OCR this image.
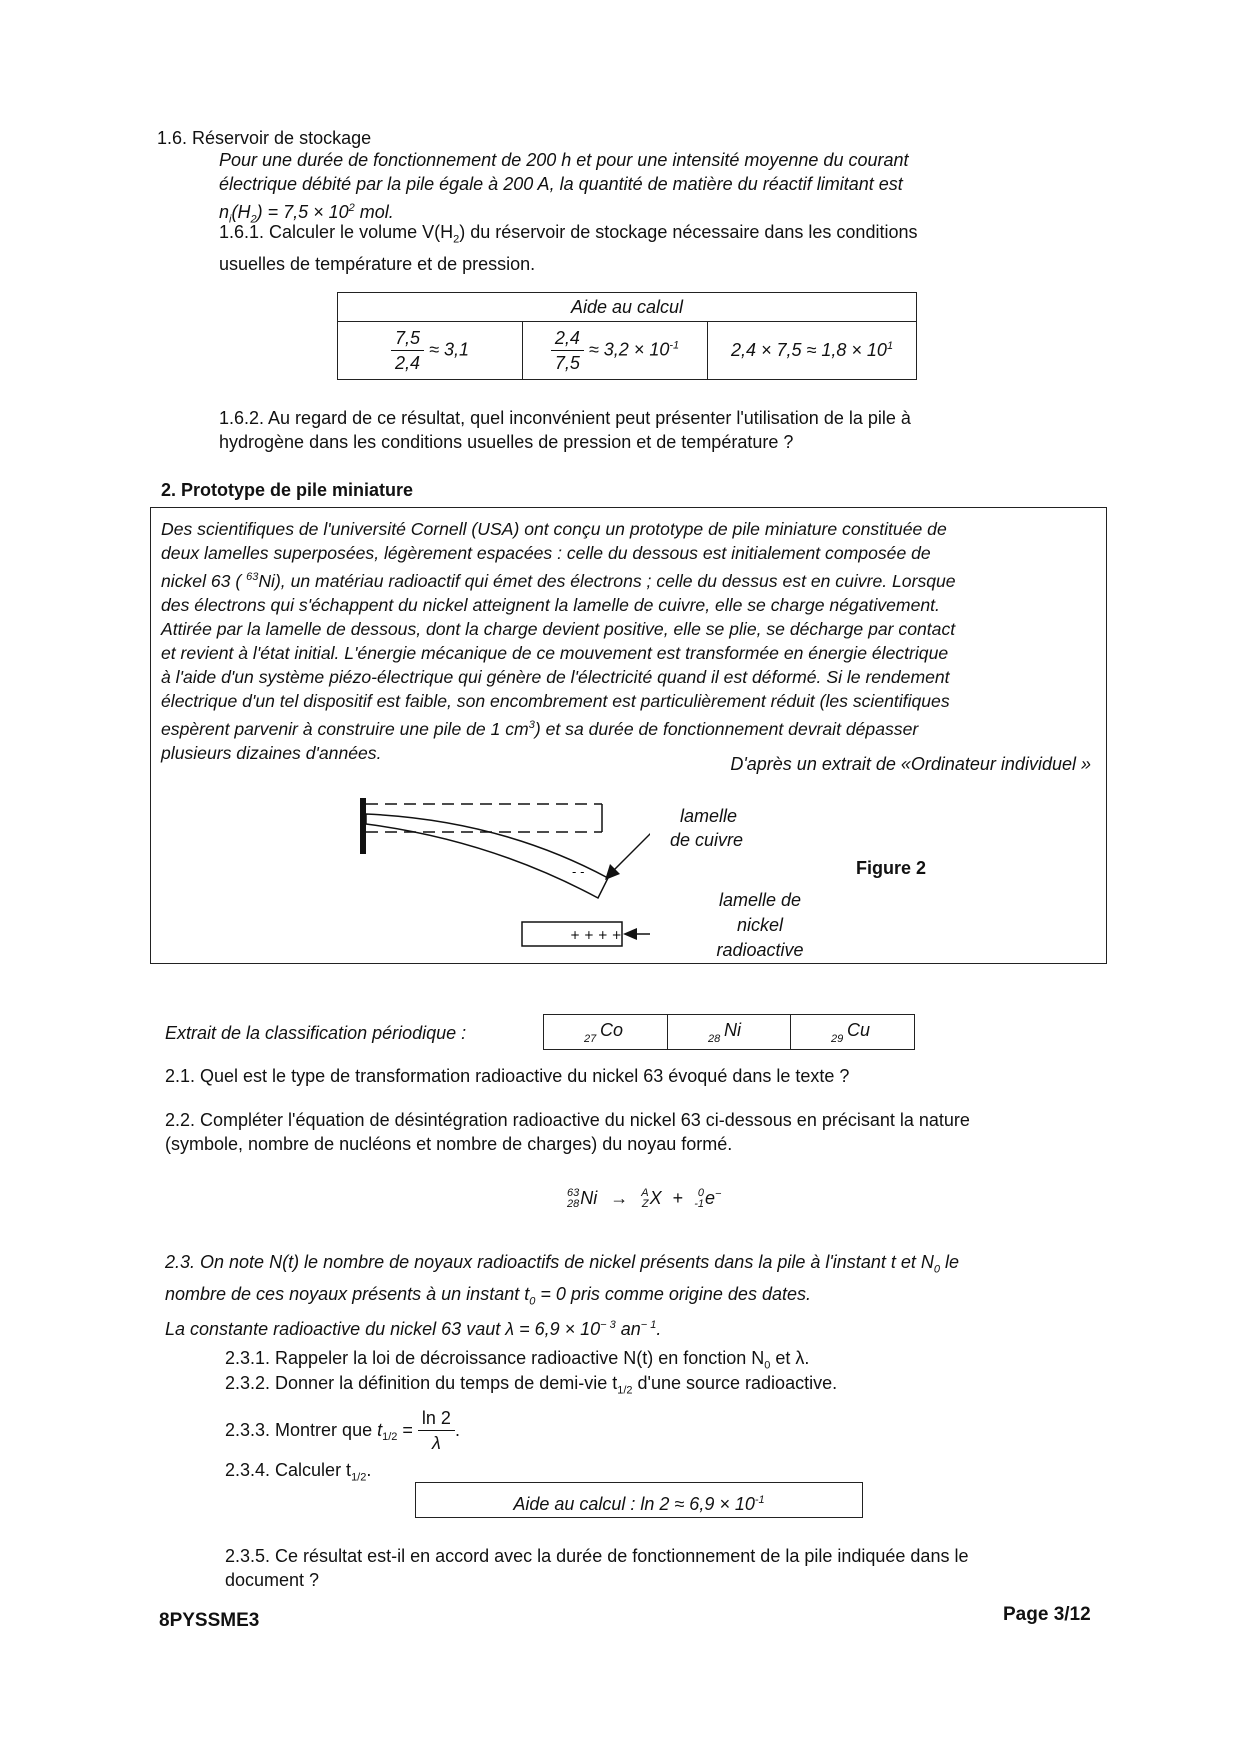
1.6. Réservoir de stockage
Pour une durée de fonctionnement de 200 h et pour une intensité moyenne du courant
électrique débité par la pile égale à 200 A, la quantité de matière du réactif limitant est
$n_i(H_2) = 7,5 \times 10^2$ mol.
1.6.1. Calculer le volume $V(H_2)$ du réservoir de stockage nécessaire dans les conditions
usuelles de température et de pression.
Aide au calcul

$\frac{7,5}{2,4} \approx 3,1$	$\frac{2,4}{7,5} \approx 3,2 \times 10^{-1}$	$2,4 \times 7,5 \approx 1,8 \times 10^1$
1.6.2. Au regard de ce résultat, quel inconvénient peut présenter l'utilisation de la pile à
hydrogène dans les conditions usuelles de pression et de température ?
2. Prototype de pile miniature
Des scientifiques de l'université Cornell (USA) ont conçu un prototype de pile miniature constituée de
deux lamelles superposées, légèrement espacées : celle du dessous est initialement composée de
nickel 63 ( $^{63}$Ni), un matériau radioactif qui émet des électrons ; celle du dessus est en cuivre. Lorsque
des électrons qui s'échappent du nickel atteignent la lamelle de cuivre, elle se charge négativement.
Attirée par la lamelle de dessous, dont la charge devient positive, elle se plie, se décharge par contact
et revient à l'état initial. L'énergie mécanique de ce mouvement est transformée en énergie électrique
à l'aide d'un système piézo-électrique qui génère de l'électricité quand il est déformé. Si le rendement
électrique d'un tel dispositif est faible, son encombrement est particulièrement réduit (les scientifiques
espèrent parvenir à construire une pile de 1 $cm^3$) et sa durée de fonctionnement devrait dépasser
plusieurs dizaines d'années.
D'après un extrait de «Ordinateur individuel »
- -
+ + + +
lamelle
de cuivre
Figure 2
lamelle de
nickel
radioactive
Extrait de la classification périodique :	27 Co	28 Ni	29 Cu
2.1. Quel est le type de transformation radioactive du nickel 63 évoqué dans le texte ?
2.2. Compléter l'équation de désintégration radioactive du nickel 63 ci-dessous en précisant la nature
(symbole, nombre de nucléons et nombre de charges) du noyau formé.
63
28Ni → A
ZX + 0
-1e−
2.3. On note N(t) le nombre de noyaux radioactifs de nickel présents dans la pile à l'instant t et $N_0$ le
nombre de ces noyaux présents à un instant $t_0 = 0$ pris comme origine des dates.
La constante radioactive du nickel 63 vaut $\lambda = 6,9 \times 10^{- 3}$ $an^{- 1}$.
2.3.1. Rappeler la loi de décroissance radioactive N(t) en fonction $N_0$ et λ.
2.3.2. Donner la définition du temps de demi-vie $t_{1/2}$ d'une source radioactive.
2.3.3. Montrer que $t_{1/2} = \frac{\ln 2}{\lambda}$ .
2.3.4. Calculer $t_{1/2}$.
Aide au calcul : $\ln 2 \approx 6,9 \times 10^{-1}$
2.3.5. Ce résultat est-il en accord avec la durée de fonctionnement de la pile indiquée dans le
document ?
8PYSSME3	Page 3/12
